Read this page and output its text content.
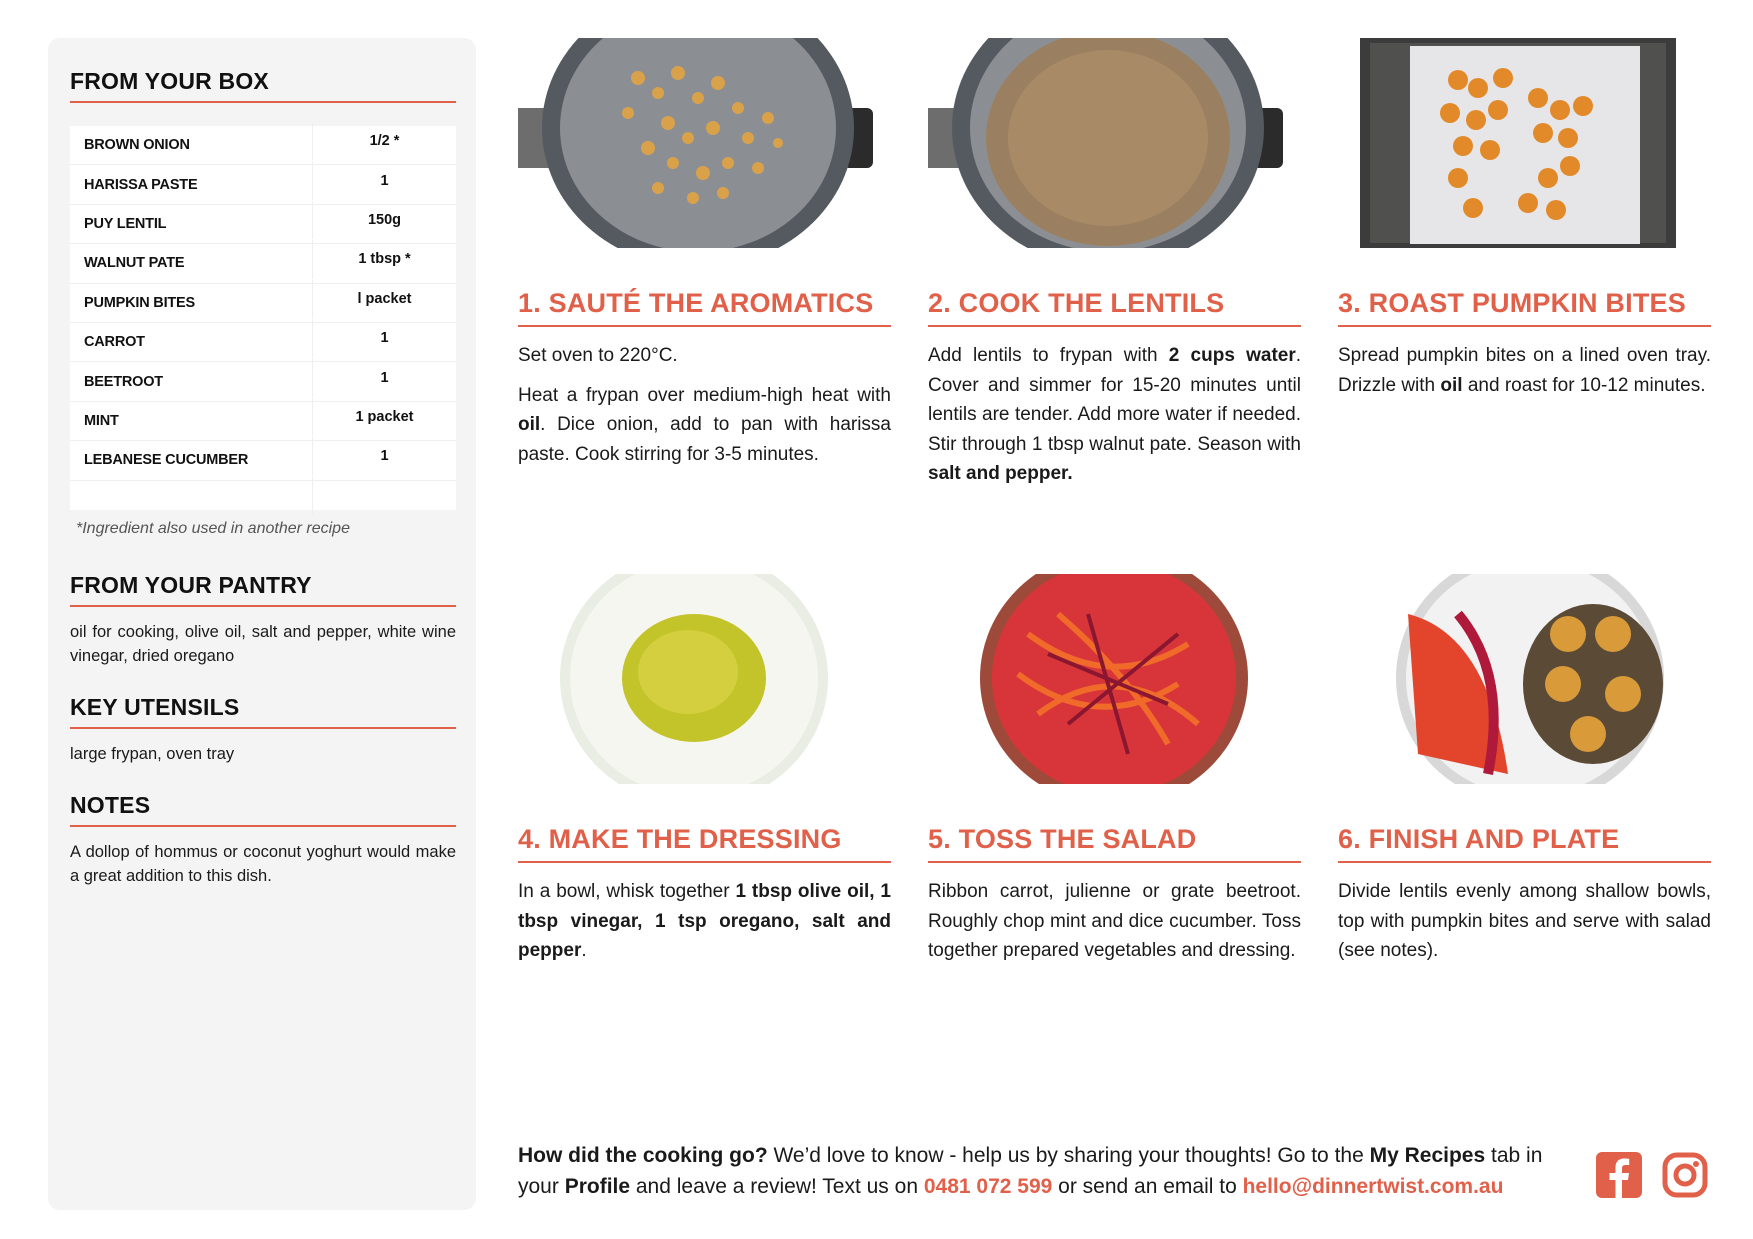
FROM YOUR BOX
BROWN ONION	1/2 *
HARISSA PASTE	1
PUY LENTIL	150g
WALNUT PATE	1 tbsp *
PUMPKIN BITES	l packet
CARROT	1
BEETROOT	1
MINT	1 packet
LEBANESE CUCUMBER	1
*Ingredient also used in another recipe
FROM YOUR PANTRY

oil for cooking, olive oil, salt and pepper, white wine vinegar, dried oregano

KEY UTENSILS

large frypan, oven tray

NOTES

A dollop of hommus or coconut yoghurt would make a great addition to this dish.

1. SAUTÉ THE AROMATICS

Set oven to 220°C.

Heat a frypan over medium-high heat with oil. Dice onion, add to pan with harissa paste. Cook stirring for 3-5 minutes.

2. COOK THE LENTILS

Add lentils to frypan with 2 cups water. Cover and simmer for 15-20 minutes until lentils are tender. Add more water if needed. Stir through 1 tbsp walnut pate. Season with salt and pepper.

3. ROAST PUMPKIN BITES

Spread pumpkin bites on a lined oven tray. Drizzle with oil and roast for 10-12 minutes.

4. MAKE THE DRESSING

In a bowl, whisk together 1 tbsp olive oil, 1 tbsp vinegar, 1 tsp oregano, salt and pepper.

5. TOSS THE SALAD

Ribbon carrot, julienne or grate beetroot. Roughly chop mint and dice cucumber. Toss together prepared vegetables and dressing.

6. FINISH AND PLATE

Divide lentils evenly among shallow bowls, top with pumpkin bites and serve with salad (see notes).

How did the cooking go? We’d love to know - help us by sharing your thoughts! Go to the My Recipes tab in your Profile and leave a review! Text us on 0481 072 599 or send an email to hello@dinnertwist.com.au
